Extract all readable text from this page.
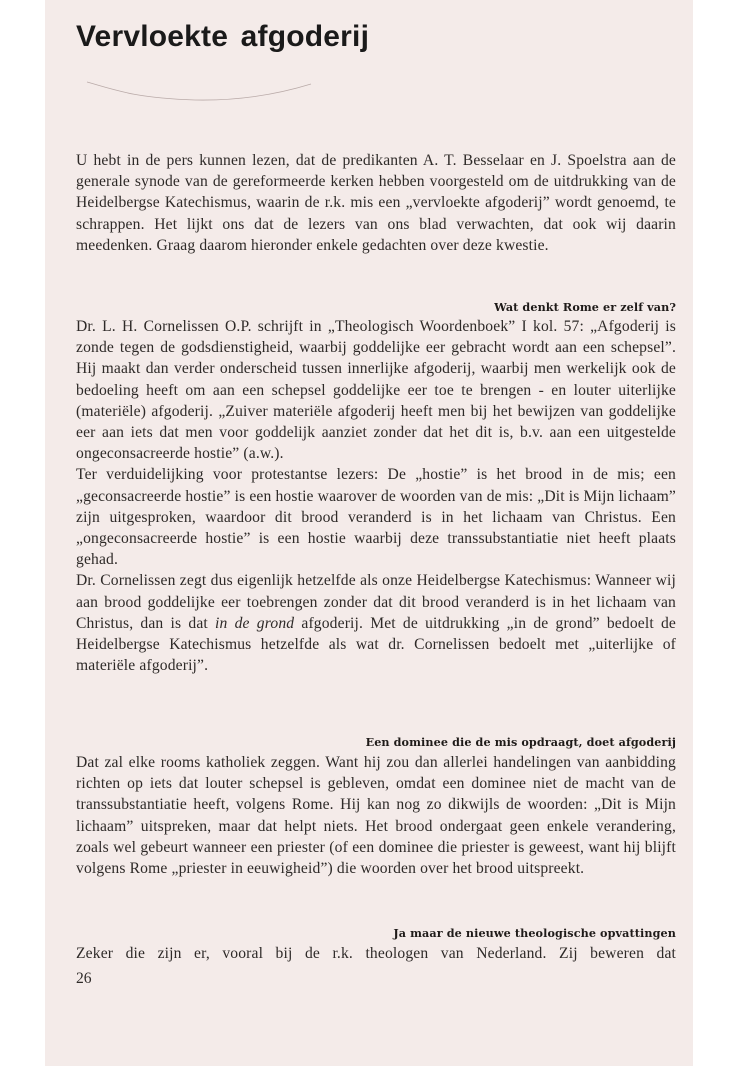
Vervloekte afgoderij

U hebt in de pers kunnen lezen, dat de predikanten A. T. Besselaar en J. Spoelstra aan de generale synode van de gereformeerde kerken hebben voorgesteld om de uitdrukking van de Heidelbergse Katechismus, waarin de r.k. mis een „vervloekte afgoderij” wordt genoemd, te schrappen. Het lijkt ons dat de lezers van ons blad verwachten, dat ook wij daarin meedenken. Graag daarom hieronder enkele gedachten over deze kwestie.

Wat denkt Rome er zelf van?

Dr. L. H. Cornelissen O.P. schrijft in „Theologisch Woordenboek” I kol. 57: „Afgoderij is zonde tegen de godsdienstigheid, waarbij goddelijke eer gebracht wordt aan een schepsel”. Hij maakt dan verder onderscheid tussen innerlijke afgoderij, waarbij men werkelijk ook de bedoeling heeft om aan een schepsel goddelijke eer toe te brengen - en louter uiterlijke (materiële) afgoderij. „Zuiver materiële afgoderij heeft men bij het bewijzen van goddelijke eer aan iets dat men voor goddelijk aanziet zonder dat het dit is, b.v. aan een uitgestelde ongeconsacreerde hostie” (a.w.).

Ter verduidelijking voor protestantse lezers: De „hostie” is het brood in de mis; een „geconsacreerde hostie” is een hostie waarover de woorden van de mis: „Dit is Mijn lichaam” zijn uitgesproken, waardoor dit brood veranderd is in het lichaam van Christus. Een „ongeconsacreerde hostie” is een hostie waarbij deze transsubstantiatie niet heeft plaats gehad.

Dr. Cornelissen zegt dus eigenlijk hetzelfde als onze Heidelbergse Katechismus: Wanneer wij aan brood goddelijke eer toebrengen zonder dat dit brood veranderd is in het lichaam van Christus, dan is dat in de grond afgoderij. Met de uitdrukking „in de grond” bedoelt de Heidelbergse Katechismus hetzelfde als wat dr. Cornelissen bedoelt met „uiterlijke of materiële afgoderij”.

Een dominee die de mis opdraagt, doet afgoderij

Dat zal elke rooms katholiek zeggen. Want hij zou dan allerlei handelingen van aanbidding richten op iets dat louter schepsel is gebleven, omdat een dominee niet de macht van de transsubstantiatie heeft, volgens Rome. Hij kan nog zo dikwijls de woorden: „Dit is Mijn lichaam” uitspreken, maar dat helpt niets. Het brood ondergaat geen enkele verandering, zoals wel gebeurt wanneer een priester (of een dominee die priester is geweest, want hij blijft volgens Rome „priester in eeuwigheid”) die woorden over het brood uitspreekt.

Ja maar de nieuwe theologische opvattingen

Zeker die zijn er, vooral bij de r.k. theologen van Nederland. Zij beweren dat

26
